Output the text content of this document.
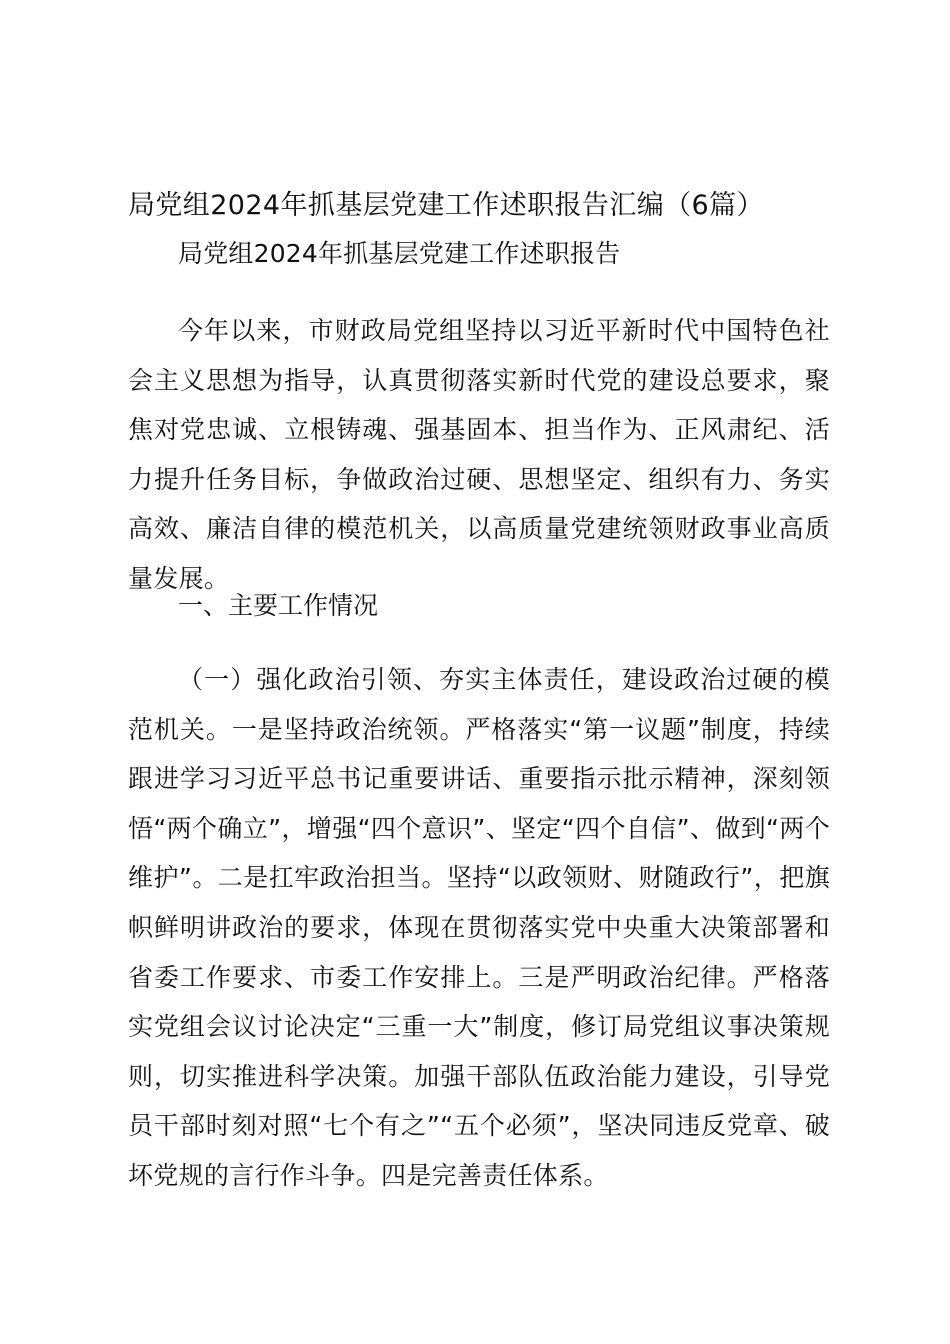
局党组2024年抓基层党建工作述职报告汇编（6篇）
局党组2024年抓基层党建工作述职报告

今年以来，市财政局党组坚持以习近平新时代中国特色社会主义思想为指导，认真贯彻落实新时代党的建设总要求，聚焦对党忠诚、立根铸魂、强基固本、担当作为、正风肃纪、活力提升任务目标，争做政治过硬、思想坚定、组织有力、务实高效、廉洁自律的模范机关，以高质量党建统领财政事业高质量发展。

一、主要工作情况

（一）强化政治引领、夯实主体责任，建设政治过硬的模范机关。一是坚持政治统领。严格落实“第一议题”制度，持续跟进学习习近平总书记重要讲话、重要指示批示精神，深刻领悟“两个确立”，增强“四个意识”、坚定“四个自信”、做到“两个维护”。二是扛牢政治担当。坚持“以政领财、财随政行”，把旗帜鲜明讲政治的要求，体现在贯彻落实党中央重大决策部署和省委工作要求、市委工作安排上。三是严明政治纪律。严格落实党组会议讨论决定“三重一大”制度，修订局党组议事决策规则，切实推进科学决策。加强干部队伍政治能力建设，引导党员干部时刻对照“七个有之”“五个必须”，坚决同违反党章、破坏党规的言行作斗争。四是完善责任体系。
